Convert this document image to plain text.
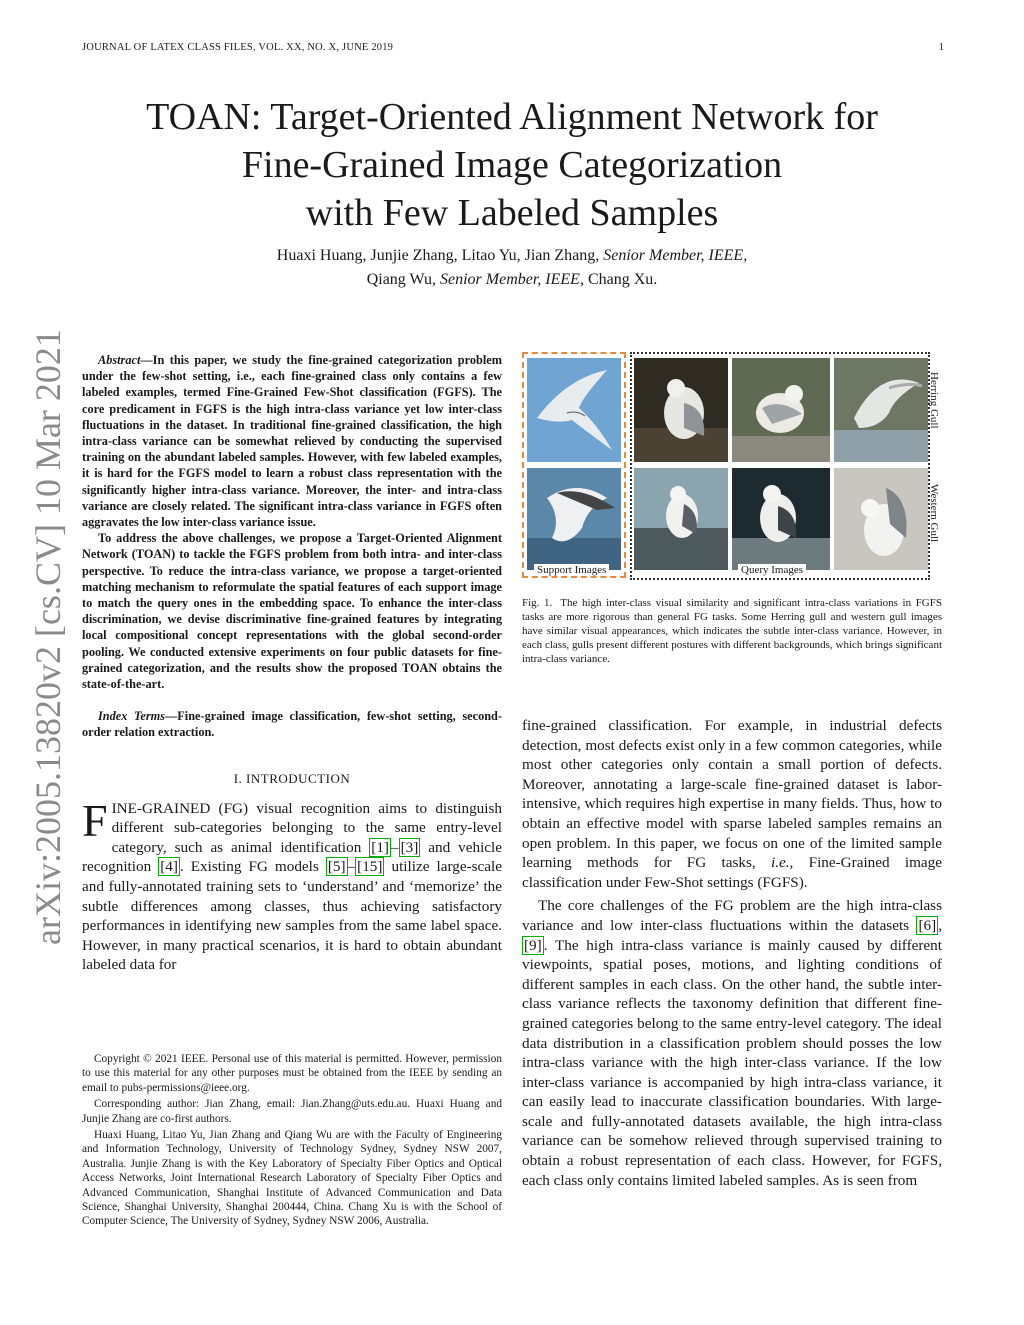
JOURNAL OF LATEX CLASS FILES, VOL. XX, NO. X, JUNE 2019	1
arXiv:2005.13820v2 [cs.CV] 10 Mar 2021
TOAN: Target-Oriented Alignment Network for
Fine-Grained Image Categorization
with Few Labeled Samples
Huaxi Huang, Junjie Zhang, Litao Yu, Jian Zhang, Senior Member, IEEE,
Qiang Wu, Senior Member, IEEE, Chang Xu.

Abstract—In this paper, we study the fine-grained categorization problem under the few-shot setting, i.e., each fine-grained class only contains a few labeled examples, termed Fine-Grained Few-Shot classification (FGFS). The core predicament in FGFS is the high intra-class variance yet low inter-class fluctuations in the dataset. In traditional fine-grained classification, the high intra-class variance can be somewhat relieved by conducting the supervised training on the abundant labeled samples. However, with few labeled examples, it is hard for the FGFS model to learn a robust class representation with the significantly higher intra-class variance. Moreover, the inter- and intra-class variance are closely related. The significant intra-class variance in FGFS often aggravates the low inter-class variance issue.

To address the above challenges, we propose a Target-Oriented Alignment Network (TOAN) to tackle the FGFS problem from both intra- and inter-class perspective. To reduce the intra-class variance, we propose a target-oriented matching mechanism to reformulate the spatial features of each support image to match the query ones in the embedding space. To enhance the inter-class discrimination, we devise discriminative fine-grained features by integrating local compositional concept representations with the global second-order pooling. We conducted extensive experiments on four public datasets for fine-grained categorization, and the results show the proposed TOAN obtains the state-of-the-art.

Index Terms—Fine-grained image classification, few-shot setting, second-order relation extraction.
I. INTRODUCTION
FINE-GRAINED (FG) visual recognition aims to distinguish different sub-categories belonging to the same entry-level category, such as animal identification [1] – [3] and vehicle recognition [4] . Existing FG models [5] – [15] utilize large-scale and fully-annotated training sets to ‘understand’ and ‘memorize’ the subtle differences among classes, thus achieving satisfactory performances in identifying new samples from the same label space. However, in many practical scenarios, it is hard to obtain abundant labeled data for

Copyright © 2021 IEEE. Personal use of this material is permitted. However, permission to use this material for any other purposes must be obtained from the IEEE by sending an email to pubs-permissions@ieee.org.

Corresponding author: Jian Zhang, email: Jian.Zhang@uts.edu.au. Huaxi Huang and Junjie Zhang are co-first authors.

Huaxi Huang, Litao Yu, Jian Zhang and Qiang Wu are with the Faculty of Engineering and Information Technology, University of Technology Sydney, Sydney NSW 2007, Australia. Junjie Zhang is with the Key Laboratory of Specialty Fiber Optics and Optical Access Networks, Joint International Research Laboratory of Specialty Fiber Optics and Advanced Communication, Shanghai Institute of Advanced Communication and Data Science, Shanghai University, Shanghai 200444, China. Chang Xu is with the School of Computer Science, The University of Sydney, Sydney NSW 2006, Australia.

Support Images	Query Images
Herring Gull
Western Gull
Fig. 1. The high inter-class visual similarity and significant intra-class variations in FGFS tasks are more rigorous than general FG tasks. Some Herring gull and western gull images have similar visual appearances, which indicates the subtle inter-class variance. However, in each class, gulls present different postures with different backgrounds, which brings significant intra-class variance.

fine-grained classification. For example, in industrial defects detection, most defects exist only in a few common categories, while most other categories only contain a small portion of defects. Moreover, annotating a large-scale fine-grained dataset is labor-intensive, which requires high expertise in many fields. Thus, how to obtain an effective model with sparse labeled samples remains an open problem. In this paper, we focus on one of the limited sample learning methods for FG tasks, i.e., Fine-Grained image classification under Few-Shot settings (FGFS).

The core challenges of the FG problem are the high intra-class variance and low inter-class fluctuations within the datasets [6] , [9] . The high intra-class variance is mainly caused by different viewpoints, spatial poses, motions, and lighting conditions of different samples in each class. On the other hand, the subtle inter-class variance reflects the taxonomy definition that different fine-grained categories belong to the same entry-level category. The ideal data distribution in a classification problem should posses the low intra-class variance with the high inter-class variance. If the low inter-class variance is accompanied by high intra-class variance, it can easily lead to inaccurate classification boundaries. With large-scale and fully-annotated datasets available, the high intra-class variance can be somehow relieved through supervised training to obtain a robust representation of each class. However, for FGFS, each class only contains limited labeled samples. As is seen from
